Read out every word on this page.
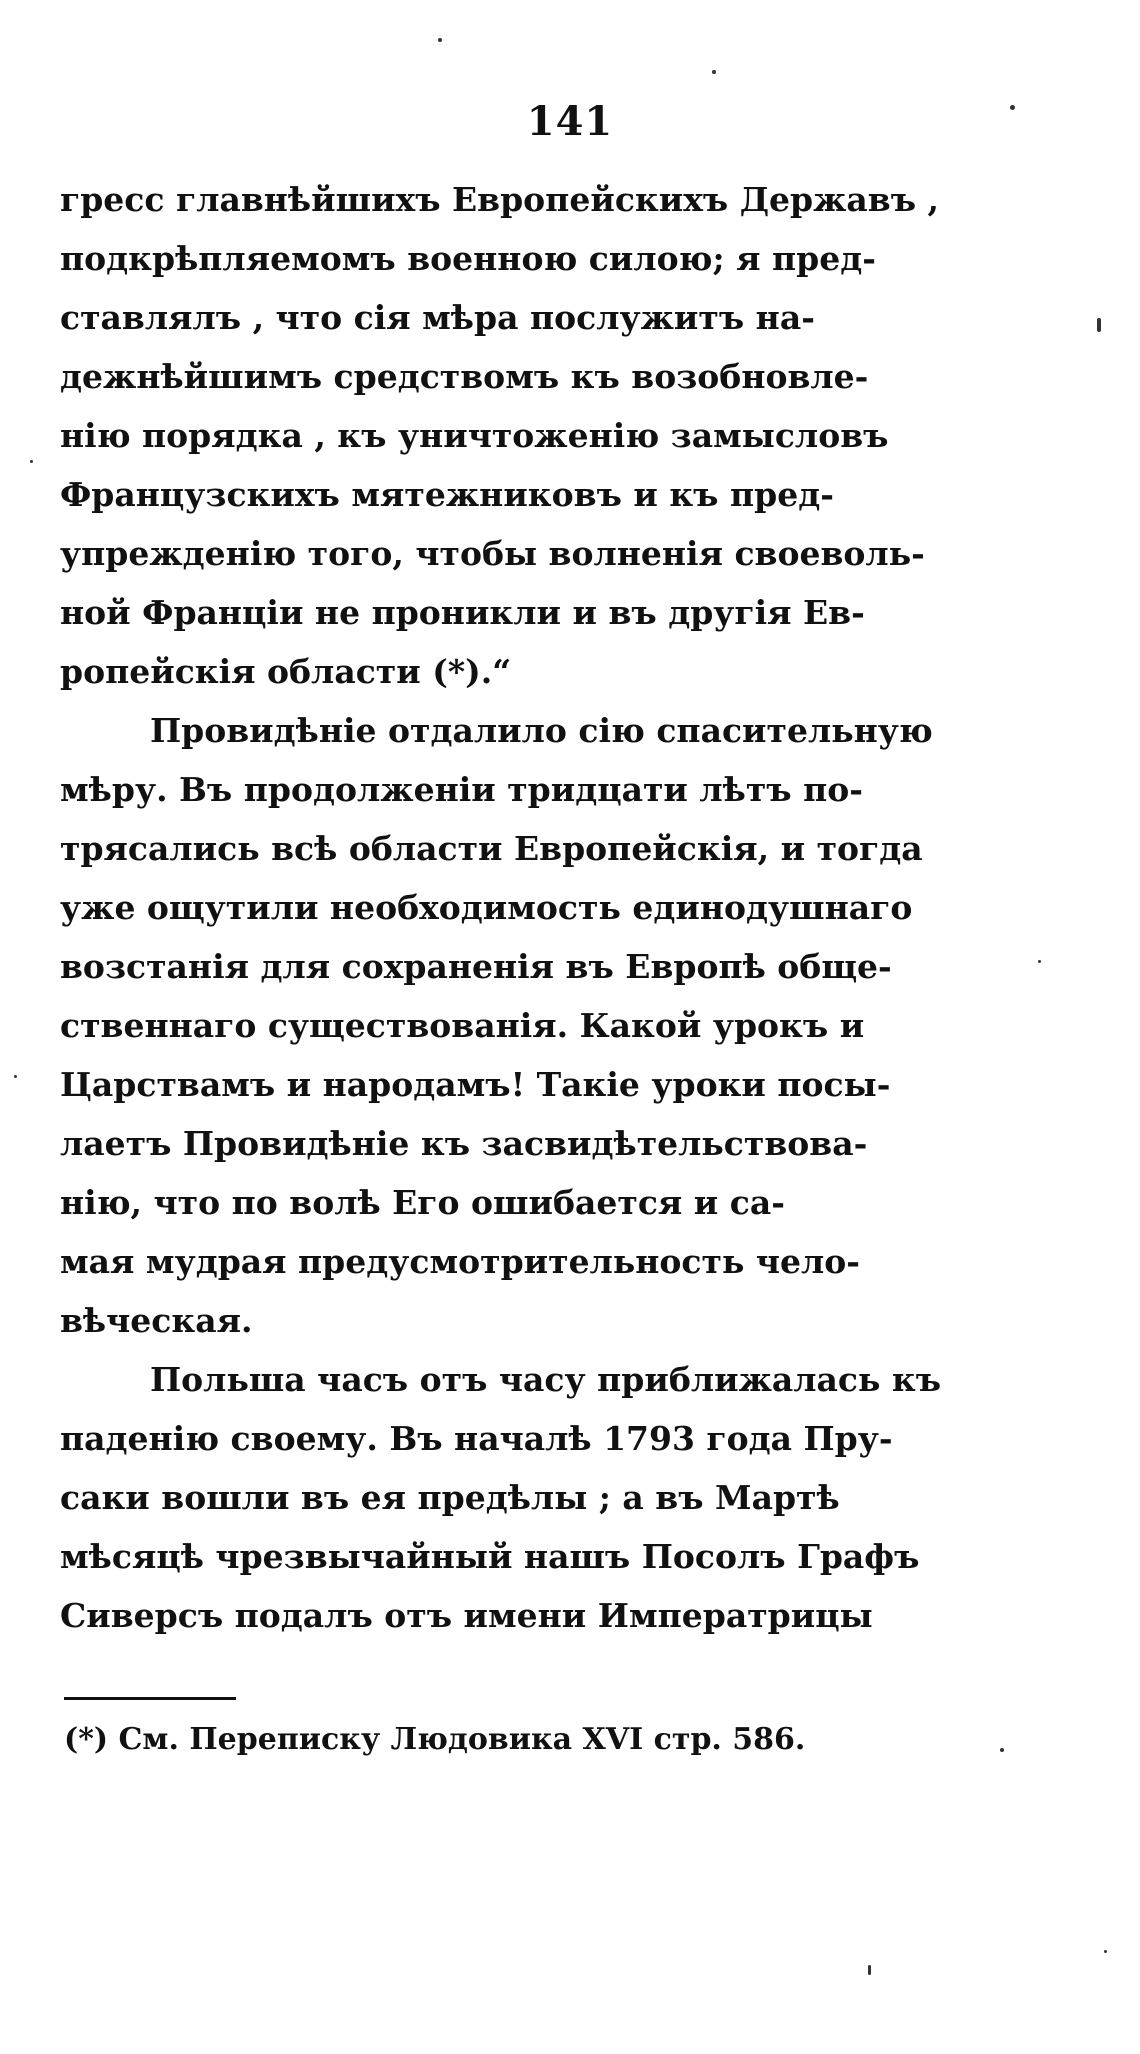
141
гресс главнѣйшихъ Европейскихъ Державъ ,
подкрѣпляемомъ военною силою; я пред-
ставлялъ , что сія мѣра послужитъ на-
дежнѣйшимъ средствомъ къ возобновле-
нію порядка , къ уничтоженію замысловъ
Французскихъ мятежниковъ и къ пред-
упрежденію того, чтобы волненія своеволь-
ной Франціи не проникли и въ другія Ев-
ропейскія области (*).“
Провидѣніе отдалило сію спасительную
мѣру. Въ продолженіи тридцати лѣтъ по-
трясались всѣ области Европейскія, и тогда
уже ощутили необходимость единодушнаго
возстанія для сохраненія въ Европѣ обще-
ственнаго существованія. Какой урокъ и
Царствамъ и народамъ! Такіе уроки посы-
лаетъ Провидѣніе къ засвидѣтельствова-
нію, что по волѣ Его ошибается и са-
мая мудрая предусмотрительность чело-
вѣческая.
Польша часъ отъ часу приближалась къ
паденію своему. Въ началѣ 1793 года Пру-
саки вошли въ ея предѣлы ; а въ Мартѣ
мѣсяцѣ чрезвычайный нашъ Посолъ Графъ
Сиверсъ подалъ отъ имени Императрицы
(*) См. Переписку Людовика XVI стр. 586.
